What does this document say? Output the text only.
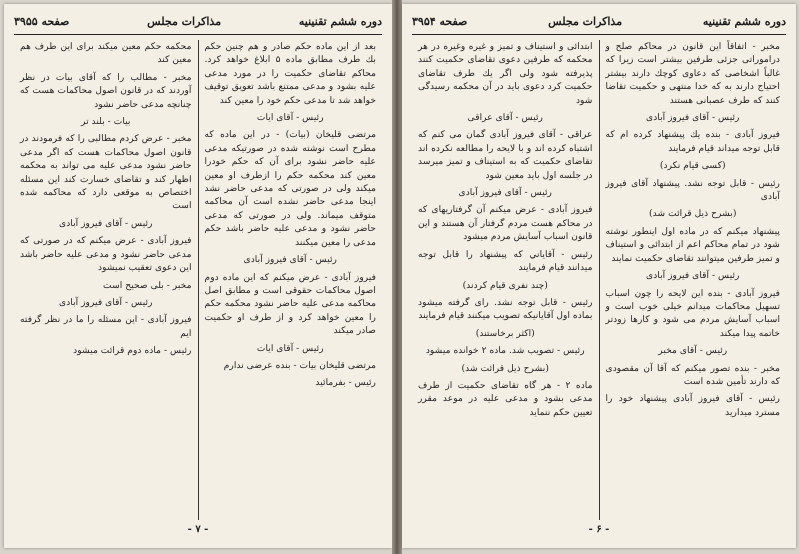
دوره ششم تقنينيه
مذاكرات مجلس
صفحه ۳۹۵۵

بعد از اين ماده حكم صادر و هم چنين حكم بك طرف مطابق ماده ۵ ابلاغ خواهد كرد. محاكم تقاضاى حكميت را در مورد مدعى عليه بشود و مدعى ممتنع باشد تعويق توقيف خواهد شد تا مدعى حكم خود را معين كند

رئيس - آقاى ايات

مرتضى قليخان (بيات) - در اين ماده كه مطرح است نوشته شده در صورتيكه مدعى عليه حاضر نشود براى آن كه حكم خودرا معين كند محكمه حكم را ازطرف او معين ميكند ولى در صورتى كه مدعى حاضر نشد اينجا مدعى حاضر نشده است آن محاكمه متوقف ميماند. ولى در صورتى كه مدعى حاضر نشود و مدعى عليه حاضر باشد حكم مدعى را معين ميكنند

رئيس - آقاى فيروز آبادى

فيروز آبادى - عرض ميكنم كه اين ماده دوم اصول محاكمات حقوقى است و مطابق اصل محاكمه مدعى عليه حاضر نشود محكمه حكم را معين خواهد كرد و از طرف او حكميت صادر ميكند

رئيس - آقاى ايات

مرتضى قليخان بيات - بنده عرضى ندارم

رئيس - بفرمائيد

محكمه حكم معين ميكند براى اين طرف هم معين كند

مخبر - مطالب را كه آقاى بيات در نظر آوردند كه در قانون اصول محاكمات هست كه چنانچه مدعى حاضر نشود

بيات - بلند تر

مخبر - عرض كردم مطالبى را كه فرمودند در قانون اصول محاكمات هست كه اگر مدعى حاضر نشود مدعى عليه مى تواند به محكمه اظهار كند و تقاضاى خسارت كند اين مسئله اختصاص به موقعى دارد كه محاكمه شده است

رئيس - آقاى فيروز آبادى

فيروز آبادى - عرض ميكنم كه در صورتى كه مدعى حاضر نشود و مدعى عليه حاضر باشد اين دعوى تعقيب نميشود

مخبر - بلى صحيح است

رئيس - آقاى فيروز آبادى

فيروز آبادى - اين مسئله را ما در نظر گرفته ايم

رئيس - ماده دوم قرائت ميشود

- ۷ -
دوره ششم تقنينيه
مذاكرات مجلس
صفحه ۳۹۵۴

مخبر - اتفاقاً اين قانون در محاكم صلح و دراموراتى جزئى طرفين بيشتر است زيرا كه غالباً اشخاصى كه دعاوى كوچك دارند بيشتر احتياج دارند به كه خدا منتهى و حكميت تقاضا كنند كه طرف عصبانى هستند

رئيس - آقاى فيروز آبادى

فيروز آبادى - بنده يك پيشنهاد كرده ام كه قابل توجه ميداند قيام فرمايند

(كسى قيام نكرد)

رئيس - قابل توجه نشد. پيشنهاد آقاى فيروز آبادى

(بشرح ذيل قرائت شد)

پيشنهاد ميكنم كه در ماده اول اينطور نوشته شود در تمام محاكم اعم از ابتدائى و استيناف و تميز طرفين ميتوانند تقاضاى حكميت نمايند

رئيس - آقاى فيروز آبادى

فيروز آبادى - بنده اين لايحه را چون اسباب تسهيل محاكمات ميدانم خيلى خوب است و اسباب آسايش مردم مى شود و كارها زودتر خاتمه پيدا ميكند

رئيس - آقاى مخبر

مخبر - بنده تصور ميكنم كه آقا آن مقصودى كه دارند تأمين شده است

رئيس - آقاى فيروز آبادى پيشنهاد خود را مسترد ميداريد

ابتدائى و استيناف و تميز و غيره وغيره در هر محكمه كه طرفين دعوى تقاضاى حكميت كنند پذيرفته شود ولى اگر يك طرف تقاضاى حكميت كرد دعوى بايد در آن محكمه رسيدگى شود

رئيس - آقاى عراقى

عراقى - آقاى فيروز آبادى گمان مى كنم كه اشتباه كرده اند و با لايحه را مطالعه نكرده اند تقاضاى حكميت كه به استيناف و تميز ميرسد در جلسه اول بايد معين شود

رئيس - آقاى فيروز آبادى

فيروز آبادى - عرض ميكنم آن گرفتاريهاى كه در محاكم هست مردم گرفتار آن هستند و اين قانون اسباب آسايش مردم ميشود

رئيس - آقاياني كه پيشنهاد را قابل توجه ميدانند قيام فرمايند

(چند نفرى قيام كردند)

رئيس - قابل توجه نشد. راى گرفته ميشود بماده اول آقايانيكه تصويب ميكنند قيام فرمايند

(اكثر برخاستند)

رئيس - تصويب شد. ماده ۲ خوانده ميشود

(بشرح ذيل قرائت شد)

ماده ۲ - هر گاه تقاضاى حكميت از طرف مدعى بشود و مدعى عليه در موعد مقرر تعيين حكم ننمايد

- ۶ -
